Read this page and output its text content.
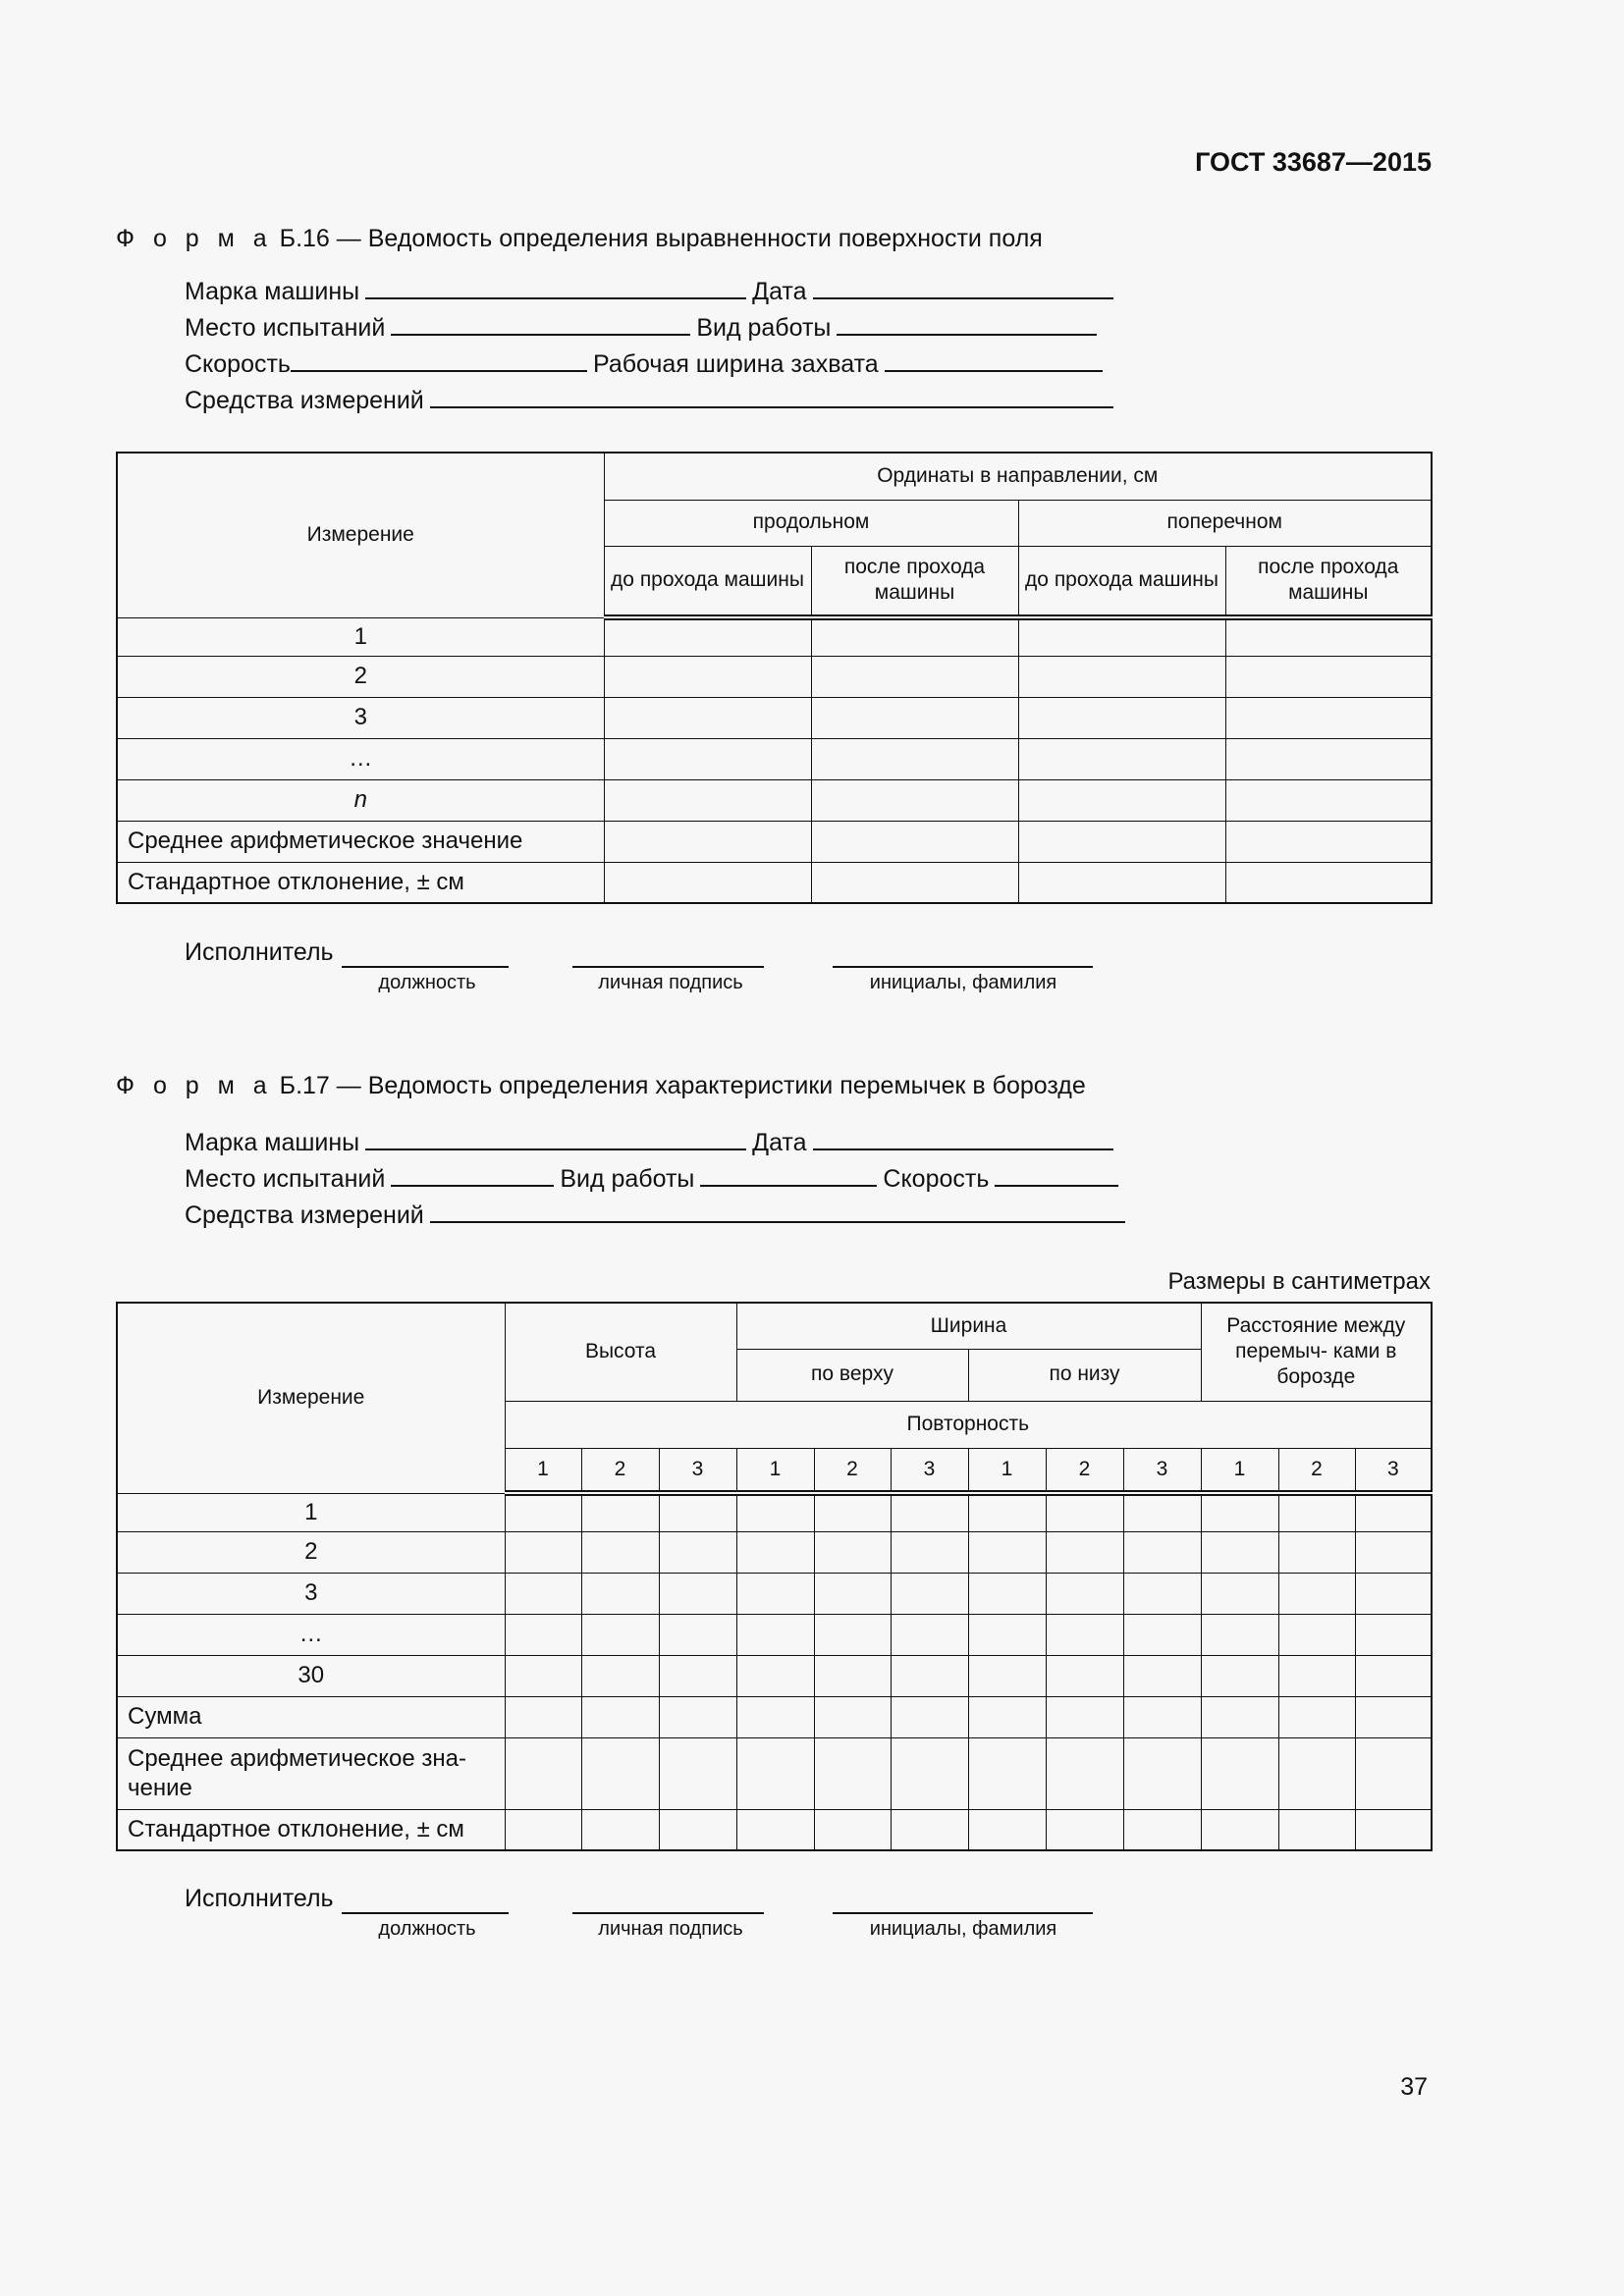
ГОСТ 33687—2015
Ф о р м а Б.16 — Ведомость определения выравненности поверхности поля
Марка машины	Дата
Место испытаний	Вид работы
Скорость	Рабочая ширина захвата
Средства измерений
Измерение	Ординаты в направлении, см			
	продольном		поперечном	
	до прохода машины	после прохода машины	до прохода машины	после прохода машины
1				
2				
3				
…				
n				
Среднее арифметическое значение				
Стандартное отклонение, ± см				
Исполнитель
должность	личная подпись	инициалы, фамилия
Ф о р м а Б.17 — Ведомость определения характеристики перемычек в борозде
Марка машины	Дата
Место испытаний	Вид работы	Скорость
Средства измерений
Размеры в сантиметрах
Измерение	Высота			Ширина						Расстояние между перемыч- ками в борозде		
				по верху			по низу					
	Повторность											
	1	2	3	1	2	3	1	2	3	1	2	3
1												
2												
3												
…												
30												
Сумма												
Среднее арифметическое зна- чение												
Стандартное отклонение, ± см												
Исполнитель
должность	личная подпись	инициалы, фамилия
37
